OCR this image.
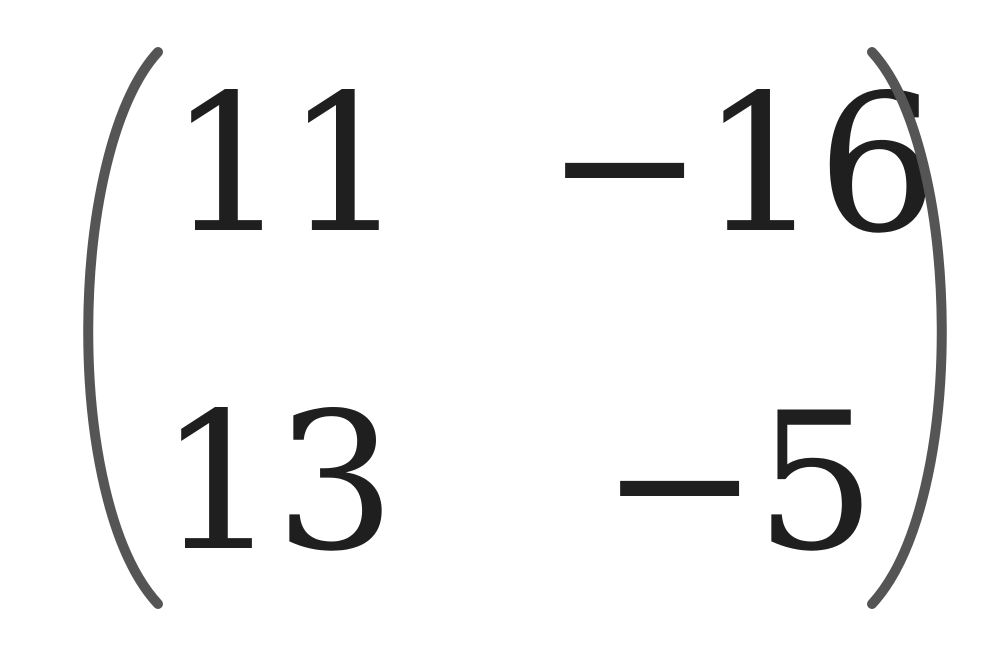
11 −16
13 −5
